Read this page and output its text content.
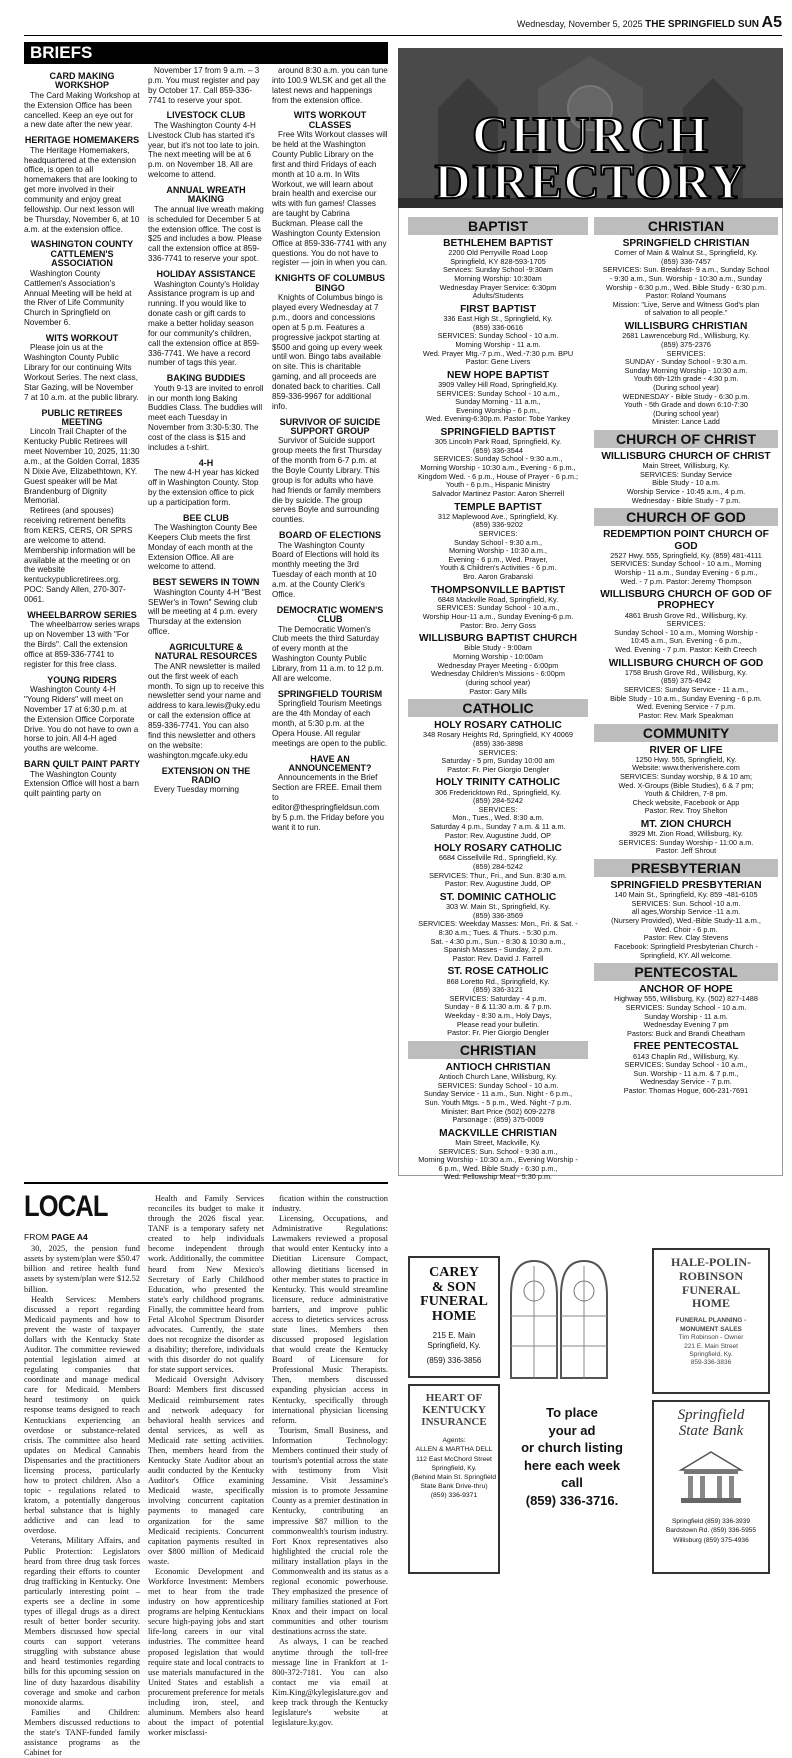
Wednesday, November 5, 2025 THE SPRINGFIELD SUN A5
BRIEFS
CARD MAKING WORKSHOP

The Card Making Workshop at the Extension Office has been cancelled. Keep an eye out for a new date after the new year.

HERITAGE HOMEMAKERS

The Heritage Homemakers, headquartered at the extension office, is open to all homemakers that are looking to get more involved in their community and enjoy great fellowship. Our next lesson will be Thursday, November 6, at 10 a.m. at the extension office.

WASHINGTON COUNTY CATTLEMEN'S ASSOCIATION

Washington County Cattlemen's Association's Annual Meeting will be held at the River of Life Community Church in Springfield on November 6.

WITS WORKOUT

Please join us at the Washington County Public Library for our continuing Wits Workout Series. The next class, Star Gazing, will be November 7 at 10 a.m. at the public library.

PUBLIC RETIREES MEETING

Lincoln Trail Chapter of the Kentucky Public Retirees will meet November 10, 2025, 11:30 a.m., at the Golden Corral, 1835 N Dixie Ave, Elizabethtown, KY. Guest speaker will be Mat Brandenburg of Dignity Memorial.

Retirees (and spouses) receiving retirement benefits from KERS, CERS, OR SPRS are welcome to attend. Membership information will be available at the meeting or on the website kentuckypublicretirees.org. POC: Sandy Allen, 270-307-0061.

WHEELBARROW SERIES

The wheelbarrow series wraps up on November 13 with "For the Birds". Call the extension office at 859-336-7741 to register for this free class.

YOUNG RIDERS

Washington County 4-H "Young Riders" will meet on November 17 at 6:30 p.m. at the Extension Office Corporate Drive. You do not have to own a horse to join. All 4-H aged youths are welcome.

BARN QUILT PAINT PARTY

The Washington County Extension Office will host a barn quilt painting party on

November 17 from 9 a.m. – 3 p.m. You must register and pay by October 17. Call 859-336-7741 to reserve your spot.

LIVESTOCK CLUB

The Washington County 4-H Livestock Club has started it's year, but it's not too late to join. The next meeting will be at 6 p.m. on November 18. All are welcome to attend.

ANNUAL WREATH MAKING

The annual live wreath making is scheduled for December 5 at the extension office. The cost is $25 and includes a bow. Please call the extension office at 859-336-7741 to reserve your spot.

HOLIDAY ASSISTANCE

Washington County's Holiday Assistance program is up and running. If you would like to donate cash or gift cards to make a better holiday season for our community's children, call the extension office at 859-336-7741. We have a record number of tags this year.

BAKING BUDDIES

Youth 9-13 are invited to enroll in our month long Baking Buddies Class. The buddies will meet each Tuesday in November from 3:30-5:30. The cost of the class is $15 and includes a t-shirt.

4-H

The new 4-H year has kicked off in Washington County. Stop by the extension office to pick up a participation form.

BEE CLUB

The Washington County Bee Keepers Club meets the first Monday of each month at the Extension Office. All are welcome to attend.

BEST SEWERS IN TOWN

Washington County 4-H "Best SEWer's in Town" Sewing club will be meeting at 4 p.m. every Thursday at the extension office.

AGRICULTURE & NATURAL RESOURCES

The ANR newsletter is mailed out the first week of each month. To sign up to receive this newsletter send your name and address to kara.lewis@uky.edu or call the extension office at 859-336-7741. You can also find this newsletter and others on the website: washington.mgcafe.uky.edu

EXTENSION ON THE RADIO

Every Tuesday morning

around 8:30 a.m. you can tune into 100.9 WLSK and get all the latest news and happenings from the extension office.

WITS WORKOUT CLASSES

Free Wits Workout classes will be held at the Washington County Public Library on the first and third Fridays of each month at 10 a.m. In Wits Workout, we will learn about brain health and exercise our wits with fun games! Classes are taught by Cabrina Buckman. Please call the Washington County Extension Office at 859-336-7741 with any questions. You do not have to register — join in when you can.

KNIGHTS OF COLUMBUS BINGO

Knights of Columbus bingo is played every Wednesday at 7 p.m., doors and concessions open at 5 p.m. Features a progressive jackpot starting at $500 and going up every week until won. Bingo tabs available on site. This is charitable gaming, and all proceeds are donated back to charities. Call 859-336-9967 for additional info.

SURVIVOR OF SUICIDE SUPPORT GROUP

Survivor of Suicide support group meets the first Thursday of the month from 6-7 p.m. at the Boyle County Library. This group is for adults who have had friends or family members die by suicide. The group serves Boyle and surrounding counties.

BOARD OF ELECTIONS

The Washington County Board of Elections will hold its monthly meeting the 3rd Tuesday of each month at 10 a.m. at the County Clerk's Office.

DEMOCRATIC WOMEN'S CLUB

The Democratic Women's Club meets the third Saturday of every month at the Washington County Public Library, from 11 a.m. to 12 p.m. All are welcome.

SPRINGFIELD TOURISM

Springfield Tourism Meetings are the 4th Monday of each month, at 5:30 p.m. at the Opera House. All regular meetings are open to the public.

HAVE AN ANNOUNCEMENT?

Announcements in the Brief Section are FREE. Email them to editor@thespringfieldsun.com by 5 p.m. the Friday before you want it to run.

LOCAL
FROM PAGE A4

30, 2025, the pension fund assets by system/plan were $50.47 billion and retiree health fund assets by system/plan were $12.52 billion.

Health Services: Members discussed a report regarding Medicaid payments and how to prevent the waste of taxpayer dollars with the Kentucky State Auditor. The committee reviewed potential legislation aimed at regulating companies that coordinate and manage medical care for Medicaid. Members heard testimony on quick response teams designed to reach Kentuckians experiencing an overdose or substance-related crisis. The committee also heard updates on Medical Cannabis Dispensaries and the practitioners licensing process, particularly how to protect children. Also a topic - regulations related to kratom, a potentially dangerous herbal substance that is highly addictive and can lead to overdose.

Veterans, Military Affairs, and Public Protection: Legislators heard from three drug task forces regarding their efforts to counter drug trafficking in Kentucky. One particularly interesting point – experts see a decline in some types of illegal drugs as a direct result of better border security. Members discussed how special courts can support veterans struggling with substance abuse and heard testimonies regarding bills for this upcoming session on line of duty hazardous disability coverage and smoke and carbon monoxide alarms.

Families and Children: Members discussed reductions to the state's TANF-funded family assistance programs as the Cabinet for

Health and Family Services reconciles its budget to make it through the 2026 fiscal year. TANF is a temporary safety net created to help individuals become independent through work. Additionally, the committee heard from New Mexico's Secretary of Early Childhood Education, who presented the state's early childhood programs. Finally, the committee heard from Fetal Alcohol Spectrum Disorder advocates. Currently, the state does not recognize the disorder as a disability; therefore, individuals with this disorder do not qualify for state support services.

Medicaid Oversight Advisory Board: Members first discussed Medicaid reimbursement rates and network adequacy for behavioral health services and dental services, as well as Medicaid rate setting activities. Then, members heard from the Kentucky State Auditor about an audit conducted by the Kentucky Auditor's Office examining Medicaid waste, specifically involving concurrent capitation payments to managed care organization for the same Medicaid recipients. Concurrent capitation payments resulted in over $800 million of Medicaid waste.

Economic Development and Workforce Investment: Members met to hear from the trade industry on how apprenticeship programs are helping Kentuckians secure high-paying jobs and start life-long careers in our vital industries. The committee heard proposed legislation that would require state and local contracts to use materials manufactured in the United States and establish a procurement preference for metals including iron, steel, and aluminum. Members also heard about the impact of potential worker misclassi-

fication within the construction industry.

Licensing, Occupations, and Administrative Regulations: Lawmakers reviewed a proposal that would enter Kentucky into a Dietitian Licensure Compact, allowing dietitians licensed in other member states to practice in Kentucky. This would streamline licensure, reduce administrative barriers, and improve public access to dietetics services across state lines. Members then discussed proposed legislation that would create the Kentucky Board of Licensure for Professional Music Therapists. Then, members discussed expanding physician access in Kentucky, specifically through international physician licensing reform.

Tourism, Small Business, and Information Technology: Members continued their study of tourism's potential across the state with testimony from Visit Jessamine. Visit Jessamine's mission is to promote Jessamine County as a premier destination in Kentucky, contributing an impressive $87 million to the commonwealth's tourism industry. Fort Knox representatives also highlighted the crucial role the military installation plays in the Commonwealth and its status as a regional economic powerhouse. They emphasized the presence of military families stationed at Fort Knox and their impact on local communities and other tourism destinations across the state.

As always, I can be reached anytime through the toll-free message line in Frankfort at 1-800-372-7181. You can also contact me via email at Kim.King@kylegislature.gov and keep track through the Kentucky legislature's website at legislature.ky.gov.

CHURCH
DIRECTORY
BAPTIST
BETHLEHEM BAPTIST
2200 Old Perryville Road Loop
Springfield, KY 828-593-1705
Services: Sunday School -9:30am
Morning Worship: 10:30am
Wednesday Prayer Service: 6:30pm
Adults/Students
FIRST BAPTIST
336 East High St., Springfield, Ky.
(859) 336-0616
SERVICES: Sunday School - 10 a.m.
Morning Worship - 11 a.m.
Wed. Prayer Mtg.-7 p.m., Wed.-7:30 p.m. BPU
Pastor: Gene Livers
NEW HOPE BAPTIST
3909 Valley Hill Road, Springfield,Ky.
SERVICES: Sunday School - 10 a.m.,
Sunday Morning - 11 a.m.,
Evening Worship - 6 p.m.,
Wed. Evening-6:30p.m. Pastor: Tobe Yankey
SPRINGFIELD BAPTIST
305 Lincoln Park Road, Springfield, Ky.
(859) 336-3544
SERVICES: Sunday School - 9:30 a.m.,
Morning Worship - 10:30 a.m., Evening - 6 p.m.,
Kingdom Wed. - 6 p.m., House of Prayer - 6 p.m.;
Youth - 6 p.m., Hispanic Ministry
Salvador Martinez Pastor: Aaron Sherrell
TEMPLE BAPTIST
312 Maplewood Ave., Springfield, Ky.
(859) 336-9202
SERVICES:
Sunday School - 9:30 a.m.,
Morning Worship - 10:30 a.m.,
Evening - 6 p.m., Wed. Prayer,
Youth & Children's Activities - 6 p.m.
Bro. Aaron Grabanski
THOMPSONVILLE BAPTIST
6848 Mackville Road, Springfield, Ky.
SERVICES: Sunday School - 10 a.m.,
Worship Hour-11 a.m., Sunday Evening-6 p.m.
Pastor: Bro. Jerry Goss
WILLISBURG BAPTIST CHURCH
Bible Study - 9:00am
Morning Worship - 10:00am
Wednesday Prayer Meeting - 6:00pm
Wednesday Children's Missions - 6:00pm
(during school year)
Pastor: Gary Mills
CATHOLIC
HOLY ROSARY CATHOLIC
348 Rosary Heights Rd, Springfield, KY 40069
(859) 336-3898
SERVICES:
Saturday - 5 pm, Sunday 10:00 am
Pastor: Fr. Pier Giorgio Dengler
HOLY TRINITY CATHOLIC
306 Fredericktown Rd., Springfield, Ky.
(859) 284-5242
SERVICES:
Mon., Tues., Wed. 8:30 a.m.
Saturday 4 p.m., Sunday 7 a.m. & 11 a.m.
Pastor: Rev. Augustine Judd, OP
HOLY ROSARY CATHOLIC
6684 Cissellville Rd., Springfield, Ky.
(859) 284-5242
SERVICES: Thur., Fri., and Sun. 8:30 a.m.
Pastor: Rev. Augustine Judd, OP
ST. DOMINIC CATHOLIC
303 W. Main St., Springfield, Ky.
(859) 336-3569
SERVICES: Weekday Masses: Mon., Fri. & Sat. -
8:30 a.m.; Tues. & Thurs. - 5:30 p.m.
Sat. - 4:30 p.m., Sun. - 8:30 & 10:30 a.m.,
Spanish Masses - Sunday, 2 p.m.
Pastor: Rev. David J. Farrell
ST. ROSE CATHOLIC
868 Loretto Rd., Springfield, Ky.
(859) 336-3121
SERVICES: Saturday - 4 p.m.
Sunday - 8 & 11:30 a.m. & 7 p.m.
Weekday - 8:30 a.m., Holy Days,
Please read your bulletin.
Pastor: Fr. Pier Giorgio Dengler
CHRISTIAN
ANTIOCH CHRISTIAN
Antioch Church Lane, Willisburg, Ky.
SERVICES: Sunday School - 10 a.m.
Sunday Service - 11 a.m., Sun. Night - 6 p.m.,
Sun. Youth Mtgs. - 5 p.m., Wed. Night -7 p.m.
Minister: Bart Price (502) 609-2278
Parsonage : (859) 375-0009
MACKVILLE CHRISTIAN
Main Street, Mackville, Ky.
SERVICES: Sun. School - 9:30 a.m.,
Morning Worship - 10:30 a.m., Evening Worship -
6 p.m., Wed. Bible Study - 6:30 p.m.,
Wed. Fellowship Meal - 5:30 p.m.
CHRISTIAN
SPRINGFIELD CHRISTIAN
Corner of Main & Walnut St., Springfield, Ky.
(859) 336-7457
SERVICES: Sun. Breakfast- 9 a.m., Sunday School
- 9:30 a.m., Sun. Worship - 10:30 a.m., Sunday
Worship - 6:30 p.m., Wed. Bible Study - 6:30 p.m.
Pastor: Roland Youmans
Mission: "Live, Serve and Witness God's plan
of salvation to all people."
WILLISBURG CHRISTIAN
2681 Lawrenceburg Rd., Willisburg, Ky.
(859) 375-2376
SERVICES:
SUNDAY - Sunday School - 9:30 a.m.
Sunday Morning Worship - 10:30 a.m.
Youth 6th-12th grade - 4:30 p.m.
(During school year)
WEDNESDAY - Bible Study - 6:30 p.m.
Youth - 5th Grade and down 6:10-7:30
(During school year)
Minister: Lance Ladd
CHURCH OF CHRIST
WILLISBURG CHURCH OF CHRIST
Main Street, Willisburg, Ky.
SERVICES: Sunday Service
Bible Study - 10 a.m.
Worship Service - 10:45 a.m., 4 p.m.
Wednesday - Bible Study - 7 p.m.
CHURCH OF GOD
REDEMPTION POINT CHURCH OF GOD
2527 Hwy. 555, Springfield, Ky. (859) 481-4111
SERVICES: Sunday School - 10 a.m., Morning
Worship - 11 a.m., Sunday Evening - 6 p.m.,
Wed. - 7 p.m. Pastor: Jeremy Thompson
WILLISBURG CHURCH OF GOD OF PROPHECY
4861 Brush Grove Rd., Willisburg, Ky.
SERVICES:
Sunday School - 10 a.m., Morning Worship -
10:45 a.m., Sun. Evening - 6 p.m.,
Wed. Evening - 7 p.m. Pastor: Keith Creech
WILLISBURG CHURCH OF GOD
1758 Brush Grove Rd., Willisburg, Ky.
(859) 375-4942
SERVICES: Sunday Service - 11 a.m.,
Bible Study - 10 a.m., Sunday Evening - 6 p.m.
Wed. Evening Service - 7 p.m.
Pastor: Rev. Mark Speakman
COMMUNITY
RIVER OF LIFE
1250 Hwy. 555, Springfield, Ky.
Website: www.theriverishere.com
SERVICES: Sunday worship, 8 & 10 am;
Wed. X-Groups (Bible Studies), 6 & 7 pm;
Youth & Children, 7-8 pm.
Check website, Facebook or App
Pastor: Rev. Troy Shelton
MT. ZION CHURCH
3929 Mt. Zion Road, Willisburg, Ky.
SERVICES: Sunday Worship - 11:00 a.m.
Pastor: Jeff Shrout
PRESBYTERIAN
SPRINGFIELD PRESBYTERIAN
140 Main St., Springfield, Ky. 859 -481-6105
SERVICES: Sun. School -10 a.m.
all ages,Worship Service -11 a.m.
(Nursery Provided), Wed.-Bible Study-11 a.m.,
Wed. Choir - 6 p.m.
Pastor: Rev. Clay Stevens
Facebook: Springfield Presbyterian Church -
Springfield, KY. All welcome.
PENTECOSTAL
ANCHOR OF HOPE
Highway 555, Willisburg, Ky. (502) 827-1488
SERVICES: Sunday School - 10 a.m.
Sunday Worship - 11 a.m.
Wednesday Evening 7 pm
Pastors: Buck and Brandi Cheatham
FREE PENTECOSTAL
6143 Chaplin Rd., Willisburg, Ky.
SERVICES: Sunday School - 10 a.m.,
Sun. Worship - 11 a.m. & 7 p.m.,
Wednesday Service - 7 p.m.
Pastor: Thomas Hogue, 606-231-7691
CAREY
& SON
FUNERAL
HOME
215 E. Main
Springfield, Ky.
(859) 336-3856
HEART OF
KENTUCKY
INSURANCE
Agents:
ALLEN & MARTHA DELL
112 East McChord Street
Springfield, Ky.
(Behind Main St. Springfield
State Bank Drive-thru)
(859) 336-9371
To place
your ad
or church listing
here each week
call
(859) 336-3716.
HALE-POLIN-
ROBINSON
FUNERAL
HOME
FUNERAL PLANNING -
MONUMENT SALES
Tim Robinson - Owner
221 E. Main Street
Springfield, Ky.
859-336-3836
Springfield
State Bank
Springfield (859) 336-3939
Bardstown Rd. (859) 336-5955
Willisburg (859) 375-4936
